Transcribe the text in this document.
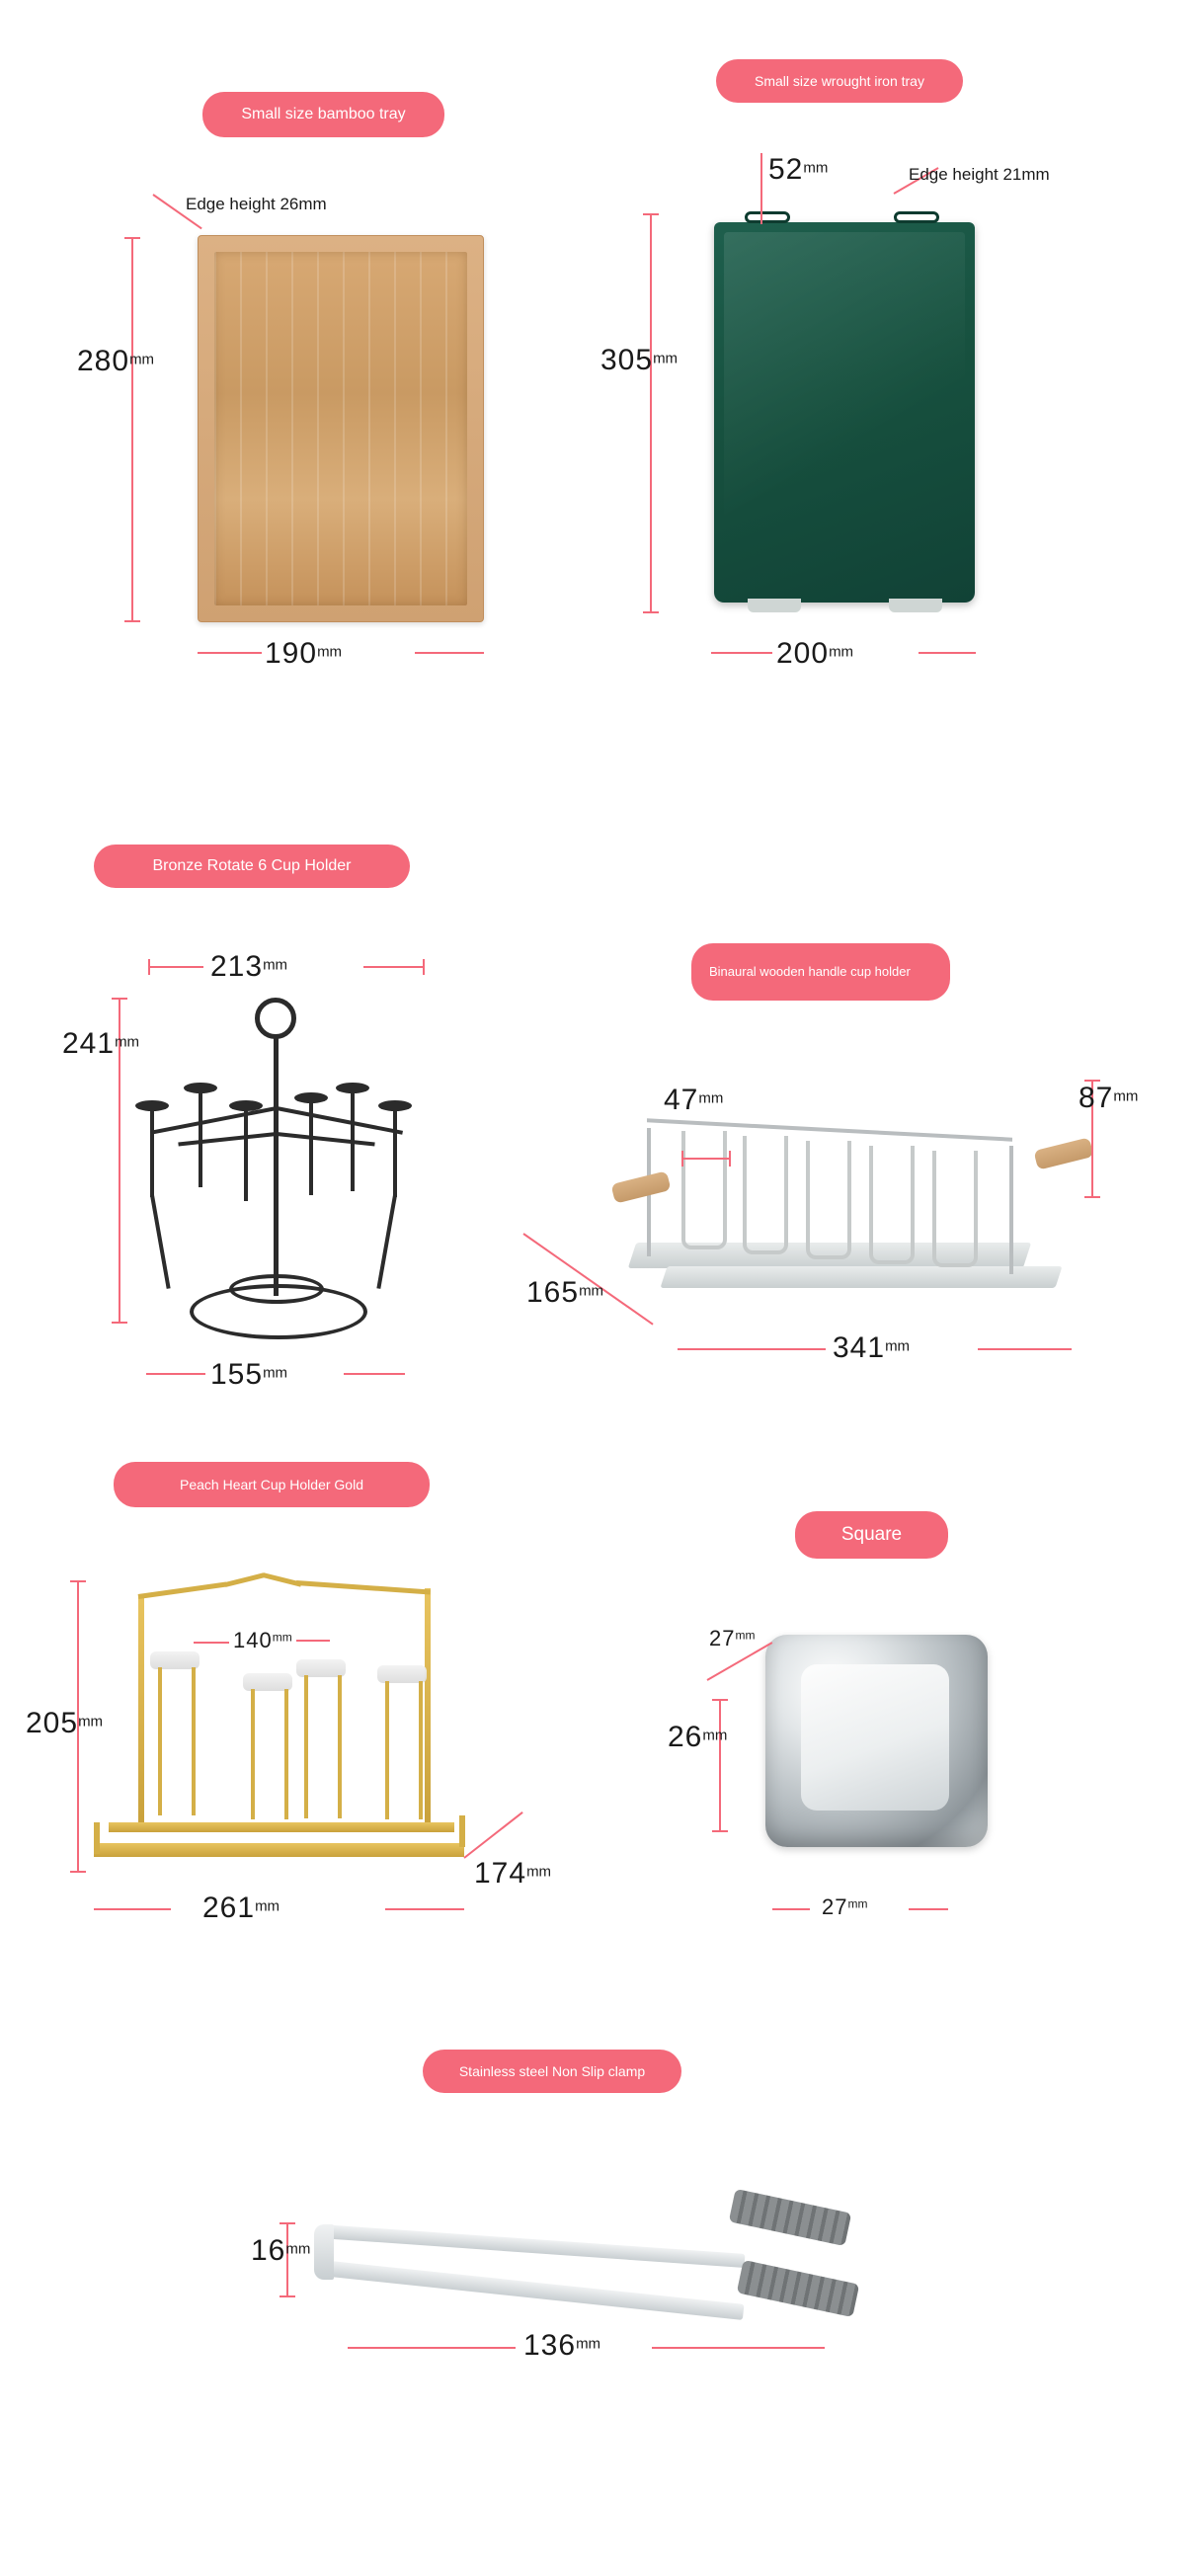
Small size bamboo tray
280mm
190mm
Edge height 26mm
Small size wrought iron tray
305mm
200mm
52mm	Edge height 21mm
Bronze Rotate 6 Cup Holder
213mm
241mm
155mm
Binaural wooden handle cup holder
47mm	87mm
165mm
341mm
Peach Heart Cup Holder Gold
205mm
$140^{mm}$
174mm
261mm
Square
$27^{mm}$
26mm
$27^{mm}$
Stainless steel Non Slip clamp
16mm
136mm
